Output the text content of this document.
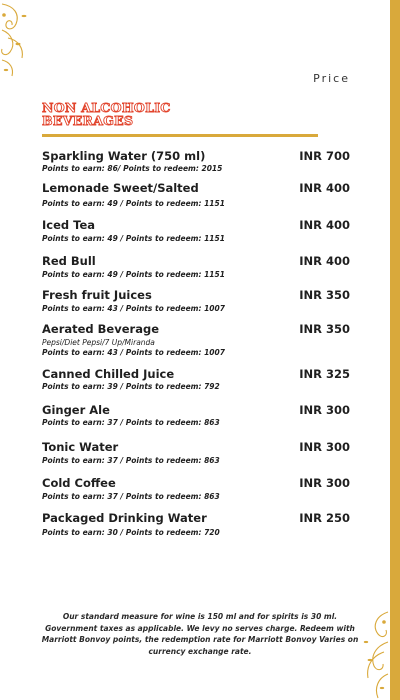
Price
NON ALCOHOLIC
BEVERAGES
Sparkling Water (750 ml)	INR 700
Points to earn: 86/ Points to redeem: 2015
Lemonade Sweet/Salted	INR 400
Points to earn: 49 / Points to redeem: 1151
Iced Tea	INR 400
Points to earn: 49 / Points to redeem: 1151
Red Bull	INR 400
Points to earn: 49 / Points to redeem: 1151
Fresh fruit Juices	INR 350
Points to earn: 43 / Points to redeem: 1007
Aerated Beverage	INR 350
Pepsi/Diet Pepsi/7 Up/Miranda
Points to earn: 43 / Points to redeem: 1007
Canned Chilled Juice	INR 325
Points to earn: 39 / Points to redeem: 792
Ginger Ale	INR 300
Points to earn: 37 / Points to redeem: 863
Tonic Water	INR 300
Points to earn: 37 / Points to redeem: 863
Cold Coffee	INR 300
Points to earn: 37 / Points to redeem: 863
Packaged Drinking Water	INR 250
Points to earn: 30 / Points to redeem: 720
Our standard measure for wine is 150 ml and for spirits is 30 ml.
Government taxes as applicable. We levy no serves charge. Redeem with
Marriott Bonvoy points, the redemption rate for Marriott Bonvoy Varies on
currency exchange rate.
